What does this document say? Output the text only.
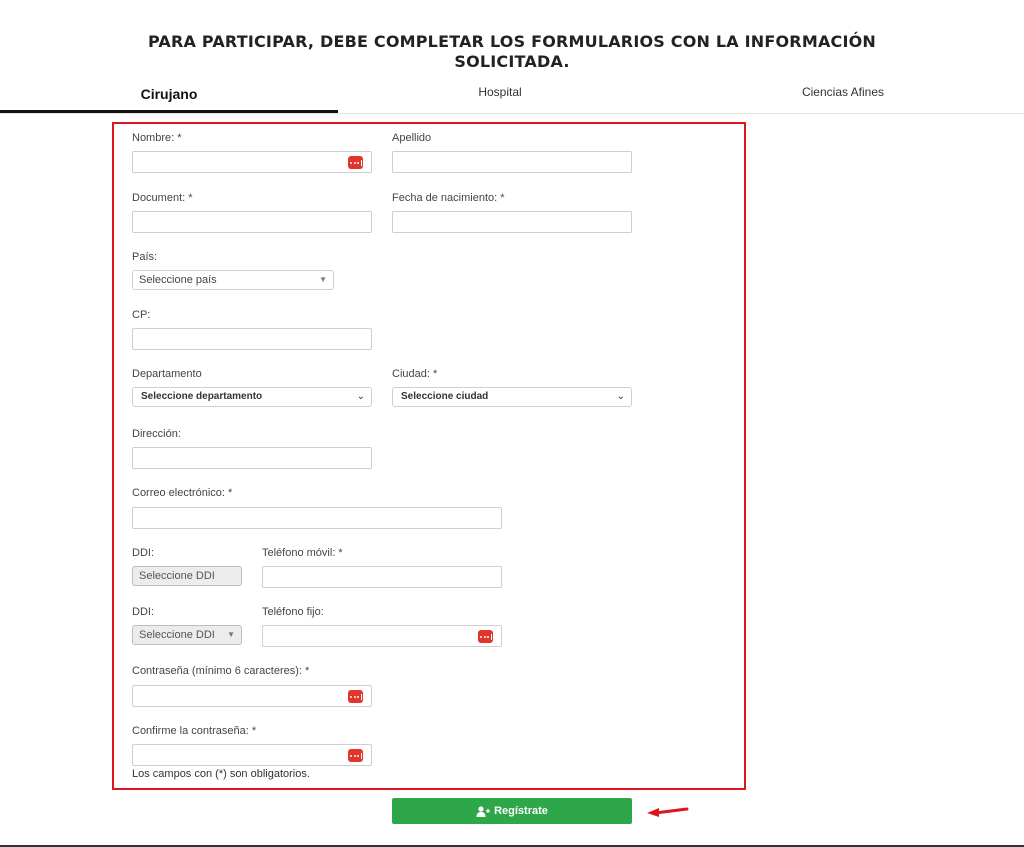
PARA PARTICIPAR, DEBE COMPLETAR LOS FORMULARIOS CON LA INFORMACIÓN
SOLICITADA.
Cirujano	Hospital	Ciencias Afines
Nombre: *	Apellido
Document: *	Fecha de nacimiento: *
País:
Seleccione país	▼
CP:
Departamento
Seleccione departamento	⌄
Ciudad: *
Seleccione ciudad	⌄
Dirección:
Correo electrónico: *
DDI:
Seleccione DDI
Teléfono móvil: *
DDI:
Seleccione DDI ▼
Teléfono fijo:
Contraseña (mínimo 6 caracteres): *
Confirme la contraseña: *
Los campos con (*) son obligatorios.
Regístrate
